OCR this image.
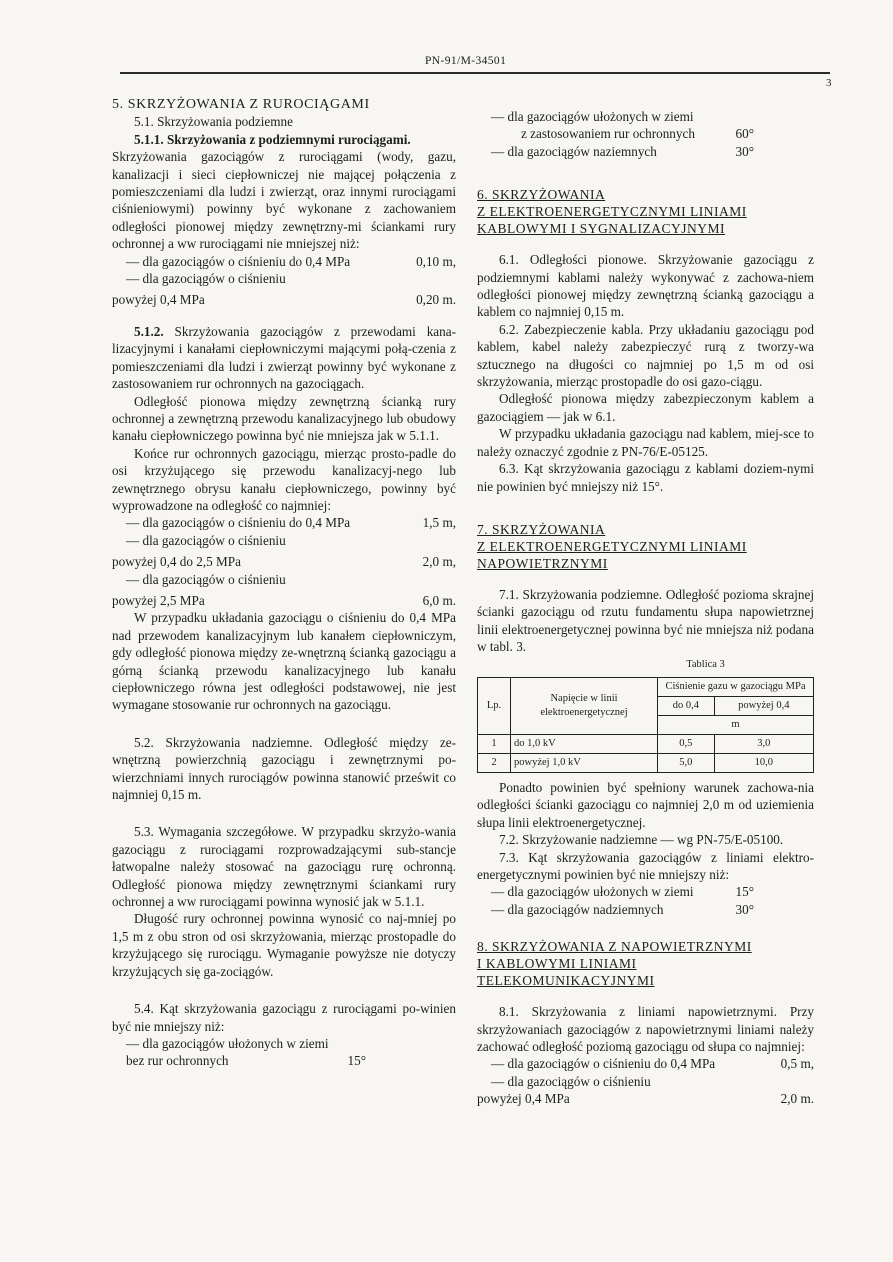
PN-91/M-34501
3

5. SKRZYŻOWANIA Z RUROCIĄGAMI

5.1. Skrzyżowania podziemne

5.1.1. Skrzyżowania z podziemnymi rurociągami.

Skrzyżowania gazociągów z rurociągami (wody, gazu, kanalizacji i sieci ciepłowniczej nie mającej połączenia z pomieszczeniami dla ludzi i zwierząt, oraz innymi rurociągami ciśnieniowymi) powinny być wykonane z zachowaniem odległości pionowej między zewnętrzny-mi ściankami rury ochronnej a ww rurociągami nie mniejszej niż:

— dla gazociągów o ciśnieniu do 0,4 MPa	0,10 m,
— dla gazociągów o ciśnieniu
powyżej 0,4 MPa	0,20 m.

5.1.2. Skrzyżowania gazociągów z przewodami kana-lizacyjnymi i kanałami ciepłowniczymi mającymi połą-czenia z pomieszczeniami dla ludzi i zwierząt powinny być wykonane z zastosowaniem rur ochronnych na gazociągach.

Odległość pionowa między zewnętrzną ścianką rury ochronnej a zewnętrzną przewodu kanalizacyjnego lub obudowy kanału ciepłowniczego powinna być nie mniejsza jak w 5.1.1.

Końce rur ochronnych gazociągu, mierząc prosto-padle do osi krzyżującego się przewodu kanalizacyj-nego lub zewnętrznego obrysu kanału ciepłowniczego, powinny być wyprowadzone na odległość co najmniej:

— dla gazociągów o ciśnieniu do 0,4 MPa	1,5 m,
— dla gazociągów o ciśnieniu
powyżej 0,4 do 2,5 MPa	2,0 m,
— dla gazociągów o ciśnieniu
powyżej 2,5 MPa	6,0 m.

W przypadku układania gazociągu o ciśnieniu do 0,4 MPa nad przewodem kanalizacyjnym lub kanałem ciepłowniczym, gdy odległość pionowa między ze-wnętrzną ścianką gazociągu a górną ścianką przewodu kanalizacyjnego lub kanału ciepłowniczego równa jest odległości podstawowej, nie jest wymagane stosowanie rur ochronnych na gazociągu.

5.2. Skrzyżowania nadziemne. Odległość między ze-wnętrzną powierzchnią gazociągu i zewnętrznymi po-wierzchniami innych rurociągów powinna stanowić prześwit co najmniej 0,15 m.

5.3. Wymagania szczegółowe. W przypadku skrzyżo-wania gazociągu z rurociągami rozprowadzającymi sub-stancje łatwopalne należy stosować na gazociągu rurę ochronną. Odległość pionowa między zewnętrznymi ściankami rury ochronnej a ww rurociągami powinna wynosić jak w 5.1.1.

Długość rury ochronnej powinna wynosić co naj-mniej po 1,5 m z obu stron od osi skrzyżowania, mierząc prostopadle do krzyżującego się rurociągu. Wymaganie powyższe nie dotyczy krzyżujących się ga-zociągów.

5.4. Kąt skrzyżowania gazociągu z rurociągami po-winien być nie mniejszy niż:

— dla gazociągów ułożonych w ziemi
bez rur ochronnych	15°
— dla gazociągów ułożonych w ziemi
z zastosowaniem rur ochronnych	60°
— dla gazociągów naziemnych	30°

6. SKRZYŻOWANIA

Z ELEKTROENERGETYCZNYMI LINIAMI

KABLOWYMI I SYGNALIZACYJNYMI

6.1. Odległości pionowe. Skrzyżowanie gazociągu z podziemnymi kablami należy wykonywać z zachowa-niem odległości pionowej między zewnętrzną ścianką gazociągu a kablem co najmniej 0,15 m.

6.2. Zabezpieczenie kabla. Przy układaniu gazociągu pod kablem, kabel należy zabezpieczyć rurą z tworzy-wa sztucznego na długości co najmniej po 1,5 m od osi skrzyżowania, mierząc prostopadle do osi gazo-ciągu.

Odległość pionowa między zabezpieczonym kablem a gazociągiem — jak w 6.1.

W przypadku układania gazociągu nad kablem, miej-sce to należy oznaczyć zgodnie z PN-76/E-05125.

6.3. Kąt skrzyżowania gazociągu z kablami doziem-nymi nie powinien być mniejszy niż 15°.

7. SKRZYŻOWANIA

Z ELEKTROENERGETYCZNYMI LINIAMI

NAPOWIETRZNYMI

7.1. Skrzyżowania podziemne. Odległość pozioma skrajnej ścianki gazociągu od rzutu fundamentu słupa napowietrznej linii elektroenergetycznej powinna być nie mniejsza niż podana w tabl. 3.

Tablica 3
Lp.	Napięcie w linii elektroenergetycznej	Ciśnienie gazu w gazociągu MPa	
		do 0,4	powyżej 0,4
		m	
1	do 1,0 kV	0,5	3,0
2	powyżej 1,0 kV	5,0	10,0

Ponadto powinien być spełniony warunek zachowa-nia odległości ścianki gazociągu co najmniej 2,0 m od uziemienia słupa linii elektroenergetycznej.

7.2. Skrzyżowanie nadziemne — wg PN-75/E-05100.

7.3. Kąt skrzyżowania gazociągów z liniami elektro-energetycznymi powinien być nie mniejszy niż:

— dla gazociągów ułożonych w ziemi	15°
— dla gazociągów nadziemnych	30°

8. SKRZYŻOWANIA Z NAPOWIETRZNYMI

I KABLOWYMI LINIAMI

TELEKOMUNIKACYJNYMI

8.1. Skrzyżowania z liniami napowietrznymi. Przy skrzyżowaniach gazociągów z napowietrznymi liniami należy zachować odległość poziomą gazociągu od słupa co najmniej:

— dla gazociągów o ciśnieniu do 0,4 MPa	0,5 m,
— dla gazociągów o ciśnieniu
powyżej 0,4 MPa	2,0 m.
